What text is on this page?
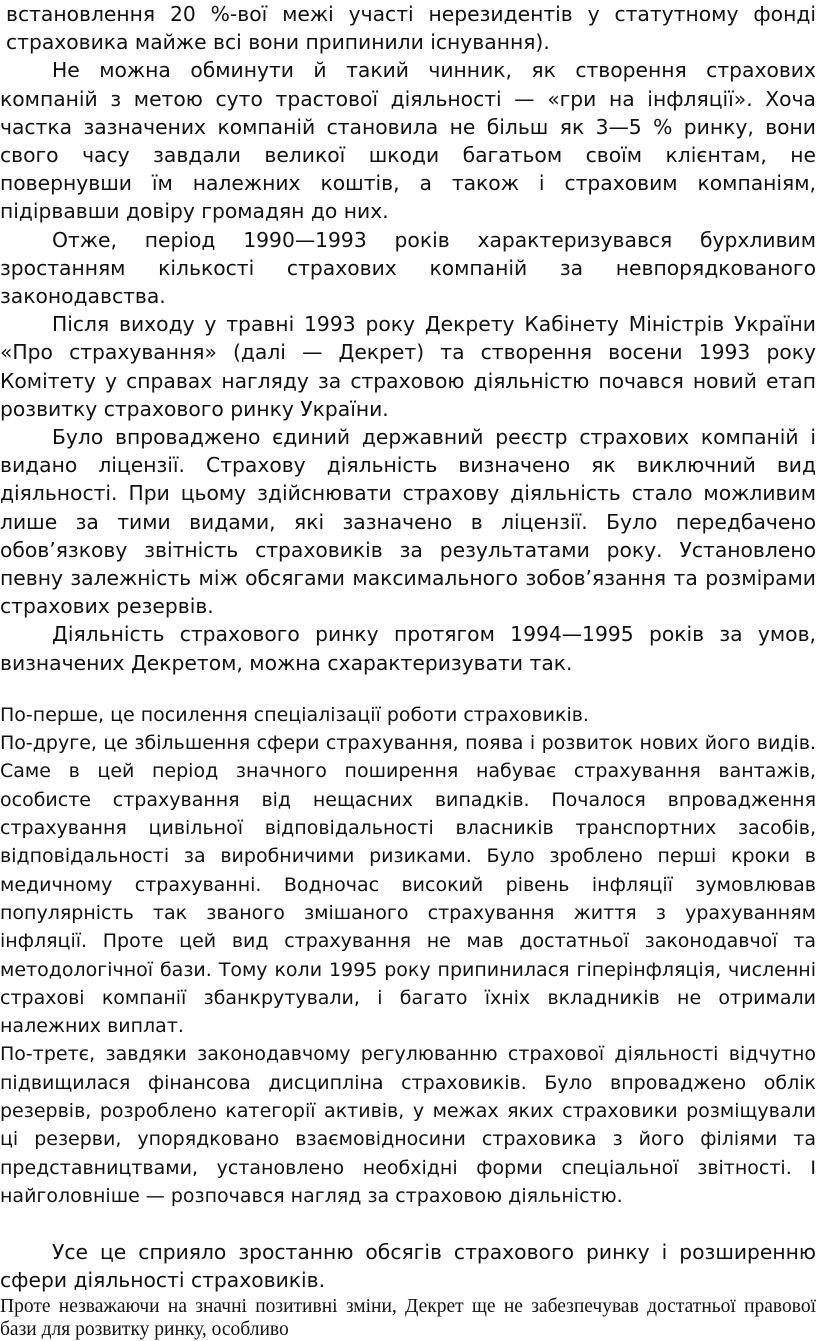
встановлення 20 %-вої межі участі нерезидентів у статутному фонді страховика майже всі вони припинили існування).

Не можна обминути й такий чинник, як створення страхових компаній з метою суто трастової діяльності — «гри на інфляції». Хоча частка зазначених компаній становила не більш як 3—5 % ринку, вони свого часу завдали великої шкоди багатьом своїм клієнтам, не повернувши їм належних коштів, а також і страховим компаніям, підірвавши довіру громадян до них.

Отже, період 1990—1993 років характеризувався бурхливим зростанням кількості страхових компаній за невпорядкованого законодавства.

Після виходу у травні 1993 року Декрету Кабінету Міністрів України «Про страхування» (далі — Декрет) та створення восени 1993 року Комітету у справах нагляду за страховою діяльністю почався новий етап розвитку страхового ринку України.

Було впроваджено єдиний державний реєстр страхових компаній і видано ліцензії. Страхову діяльність визначено як виключний вид діяльності. При цьому здійснювати страхову діяльність стало можливим лише за тими видами, які зазначено в ліцензії. Було передбачено обов’язкову звітність страховиків за результатами року. Установлено певну залежність між обсягами максимального зобов’язання та розмірами страхових резервів.

Діяльність страхового ринку протягом 1994—1995 років за умов, визначених Декретом, можна схарактеризувати так.

По-перше, це посилення спеціалізації роботи страховиків.

По-друге, це збільшення сфери страхування, поява і розвиток нових його видів. Саме в цей період значного поширення набуває страхування вантажів, особисте страхування від нещасних випадків. Почалося впровадження страхування цивільної відповідальності власників транспортних засобів, відповідальності за виробничими ризиками. Було зроблено перші кроки в медичному страхуванні. Водночас високий рівень інфляції зумовлював популярність так званого змішаного страхування життя з урахуванням інфляції. Проте цей вид страхування не мав достатньої законодавчої та методологічної бази. Тому коли 1995 року припинилася гіперінфляція, численні страхові компанії збанкрутували, і багато їхніх вкладників не отримали належних виплат.

По-третє, завдяки законодавчому регулюванню страхової діяльності відчутно підвищилася фінансова дисципліна страховиків. Було впроваджено облік резервів, розроблено категорії активів, у межах яких страховики розміщували ці резерви, упорядковано взаємовідносини страховика з його філіями та представництвами, установлено необхідні форми спеціальної звітності. І найголовніше — розпочався нагляд за страховою діяльністю.

Усе це сприяло зростанню обсягів страхового ринку і розширенню сфери діяльності страховиків.

Проте незважаючи на значні позитивні зміни, Декрет ще не забезпечував достатньої правової бази для розвитку ринку, особливо
